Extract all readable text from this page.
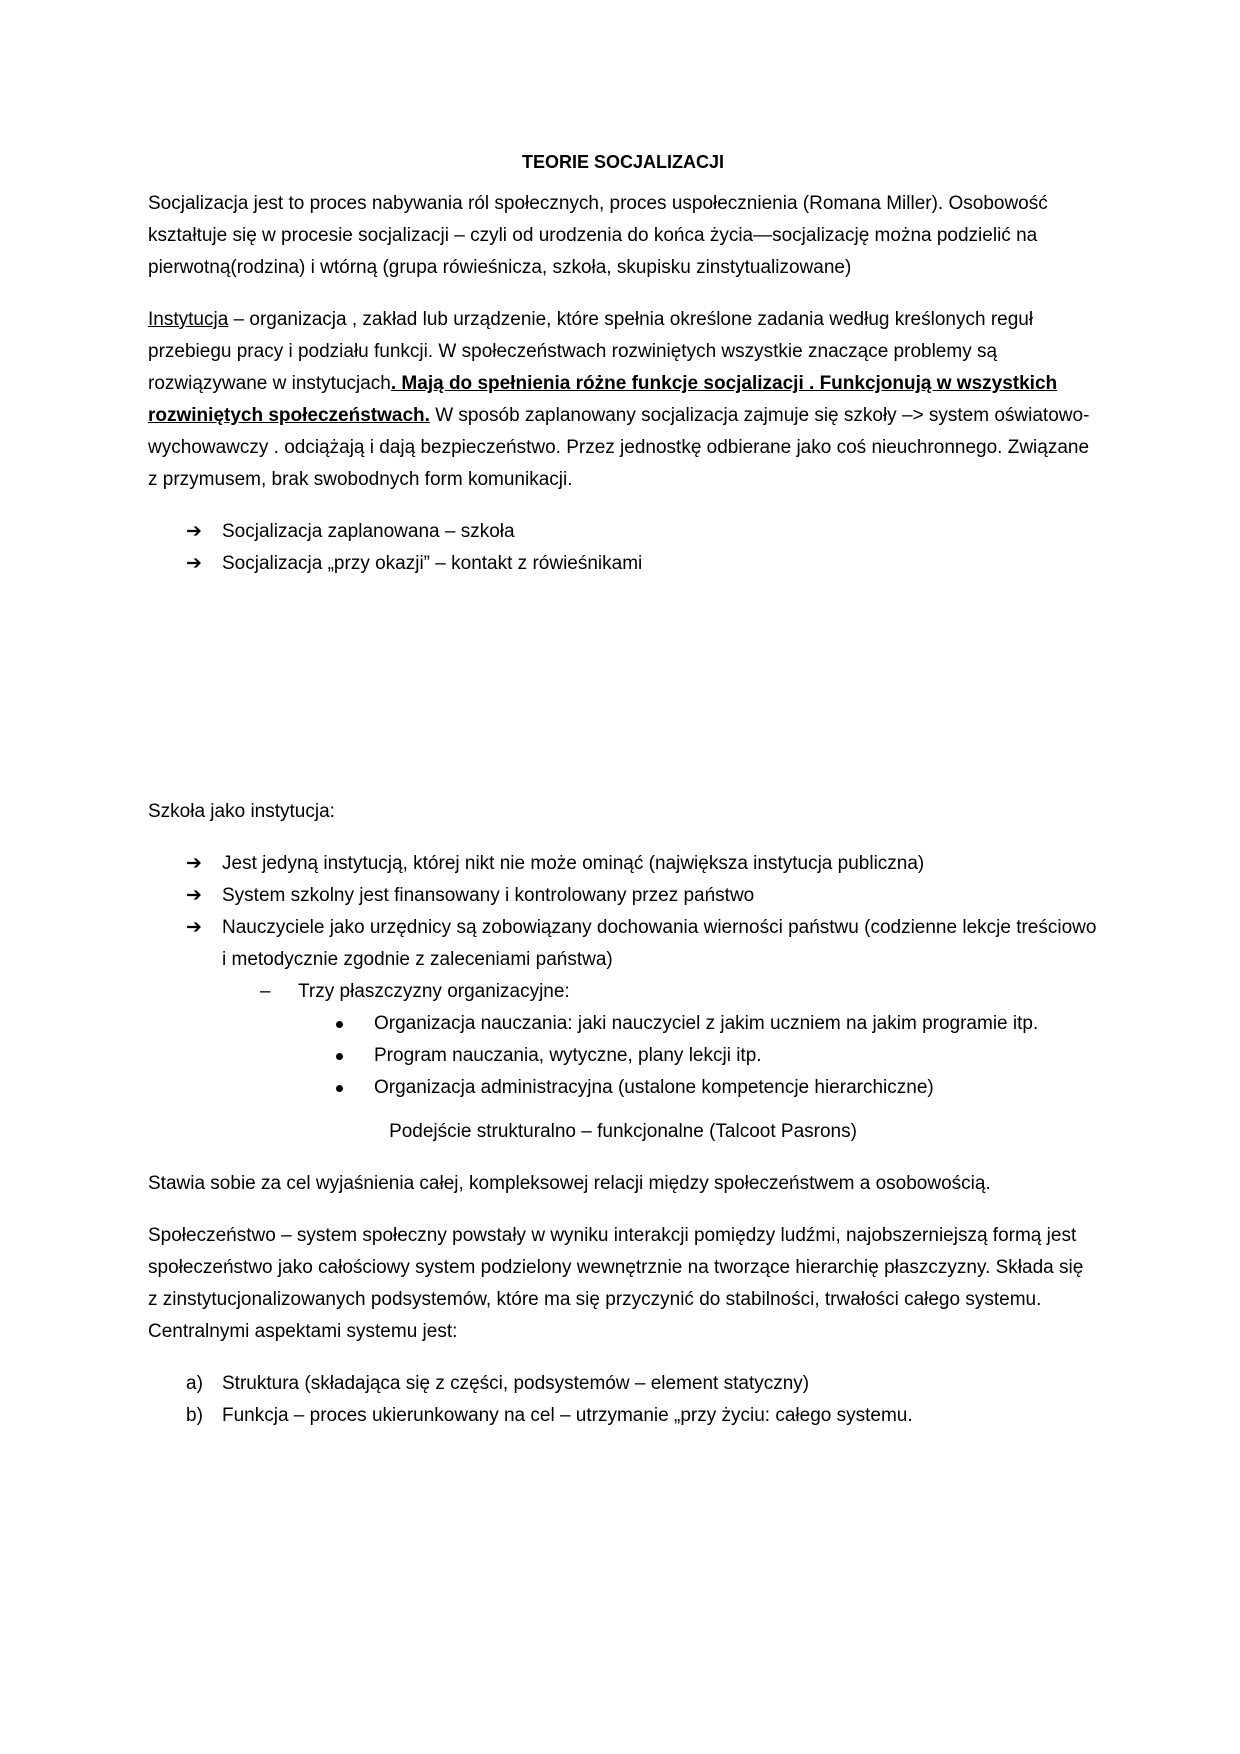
TEORIE SOCJALIZACJI

Socjalizacja jest to proces nabywania ról społecznych, proces uspołecznienia (Romana Miller). Osobowość kształtuje się w procesie socjalizacji – czyli od urodzenia do końca życia—socjalizację można podzielić na pierwotną(rodzina) i wtórną (grupa rówieśnicza, szkoła, skupisku zinstytualizowane)

Instytucja – organizacja , zakład lub urządzenie, które spełnia określone zadania według kreślonych reguł przebiegu pracy i podziału funkcji. W społeczeństwach rozwiniętych wszystkie znaczące problemy są rozwiązywane w instytucjach. Mają do spełnienia różne funkcje socjalizacji . Funkcjonują w wszystkich rozwiniętych społeczeństwach. W sposób zaplanowany socjalizacja zajmuje się szkoły –> system oświatowo-wychowawczy . odciążają i dają bezpieczeństwo. Przez jednostkę odbierane jako coś nieuchronnego. Związane z przymusem, brak swobodnych form komunikacji.

➔	Socjalizacja zaplanowana – szkoła
➔	Socjalizacja „przy okazji” – kontakt z rówieśnikami

Szkoła jako instytucja:

➔	Jest jedyną instytucją, której nikt nie może ominąć (największa instytucja publiczna)
➔	System szkolny jest finansowany i kontrolowany przez państwo
➔	Nauczyciele jako urzędnicy są zobowiązany dochowania wierności państwu (codzienne lekcje treściowo i metodycznie zgodnie z zaleceniami państwa)
– Trzy płaszczyzny organizacyjne:
Organizacja nauczania: jaki nauczyciel z jakim uczniem na jakim programie itp.
Program nauczania, wytyczne, plany lekcji itp.
Organizacja administracyjna (ustalone kompetencje hierarchiczne)

Podejście strukturalno – funkcjonalne (Talcoot Pasrons)

Stawia sobie za cel wyjaśnienia całej, kompleksowej relacji między społeczeństwem a osobowością.

Społeczeństwo – system społeczny powstały w wyniku interakcji pomiędzy ludźmi, najobszerniejszą formą jest społeczeństwo jako całościowy system podzielony wewnętrznie na tworzące hierarchię płaszczyzny. Składa się z zinstytucjonalizowanych podsystemów, które ma się przyczynić do stabilności, trwałości całego systemu. Centralnymi aspektami systemu jest:

a) Struktura (składająca się z części, podsystemów – element statyczny)
b) Funkcja – proces ukierunkowany na cel – utrzymanie „przy życiu: całego systemu.
